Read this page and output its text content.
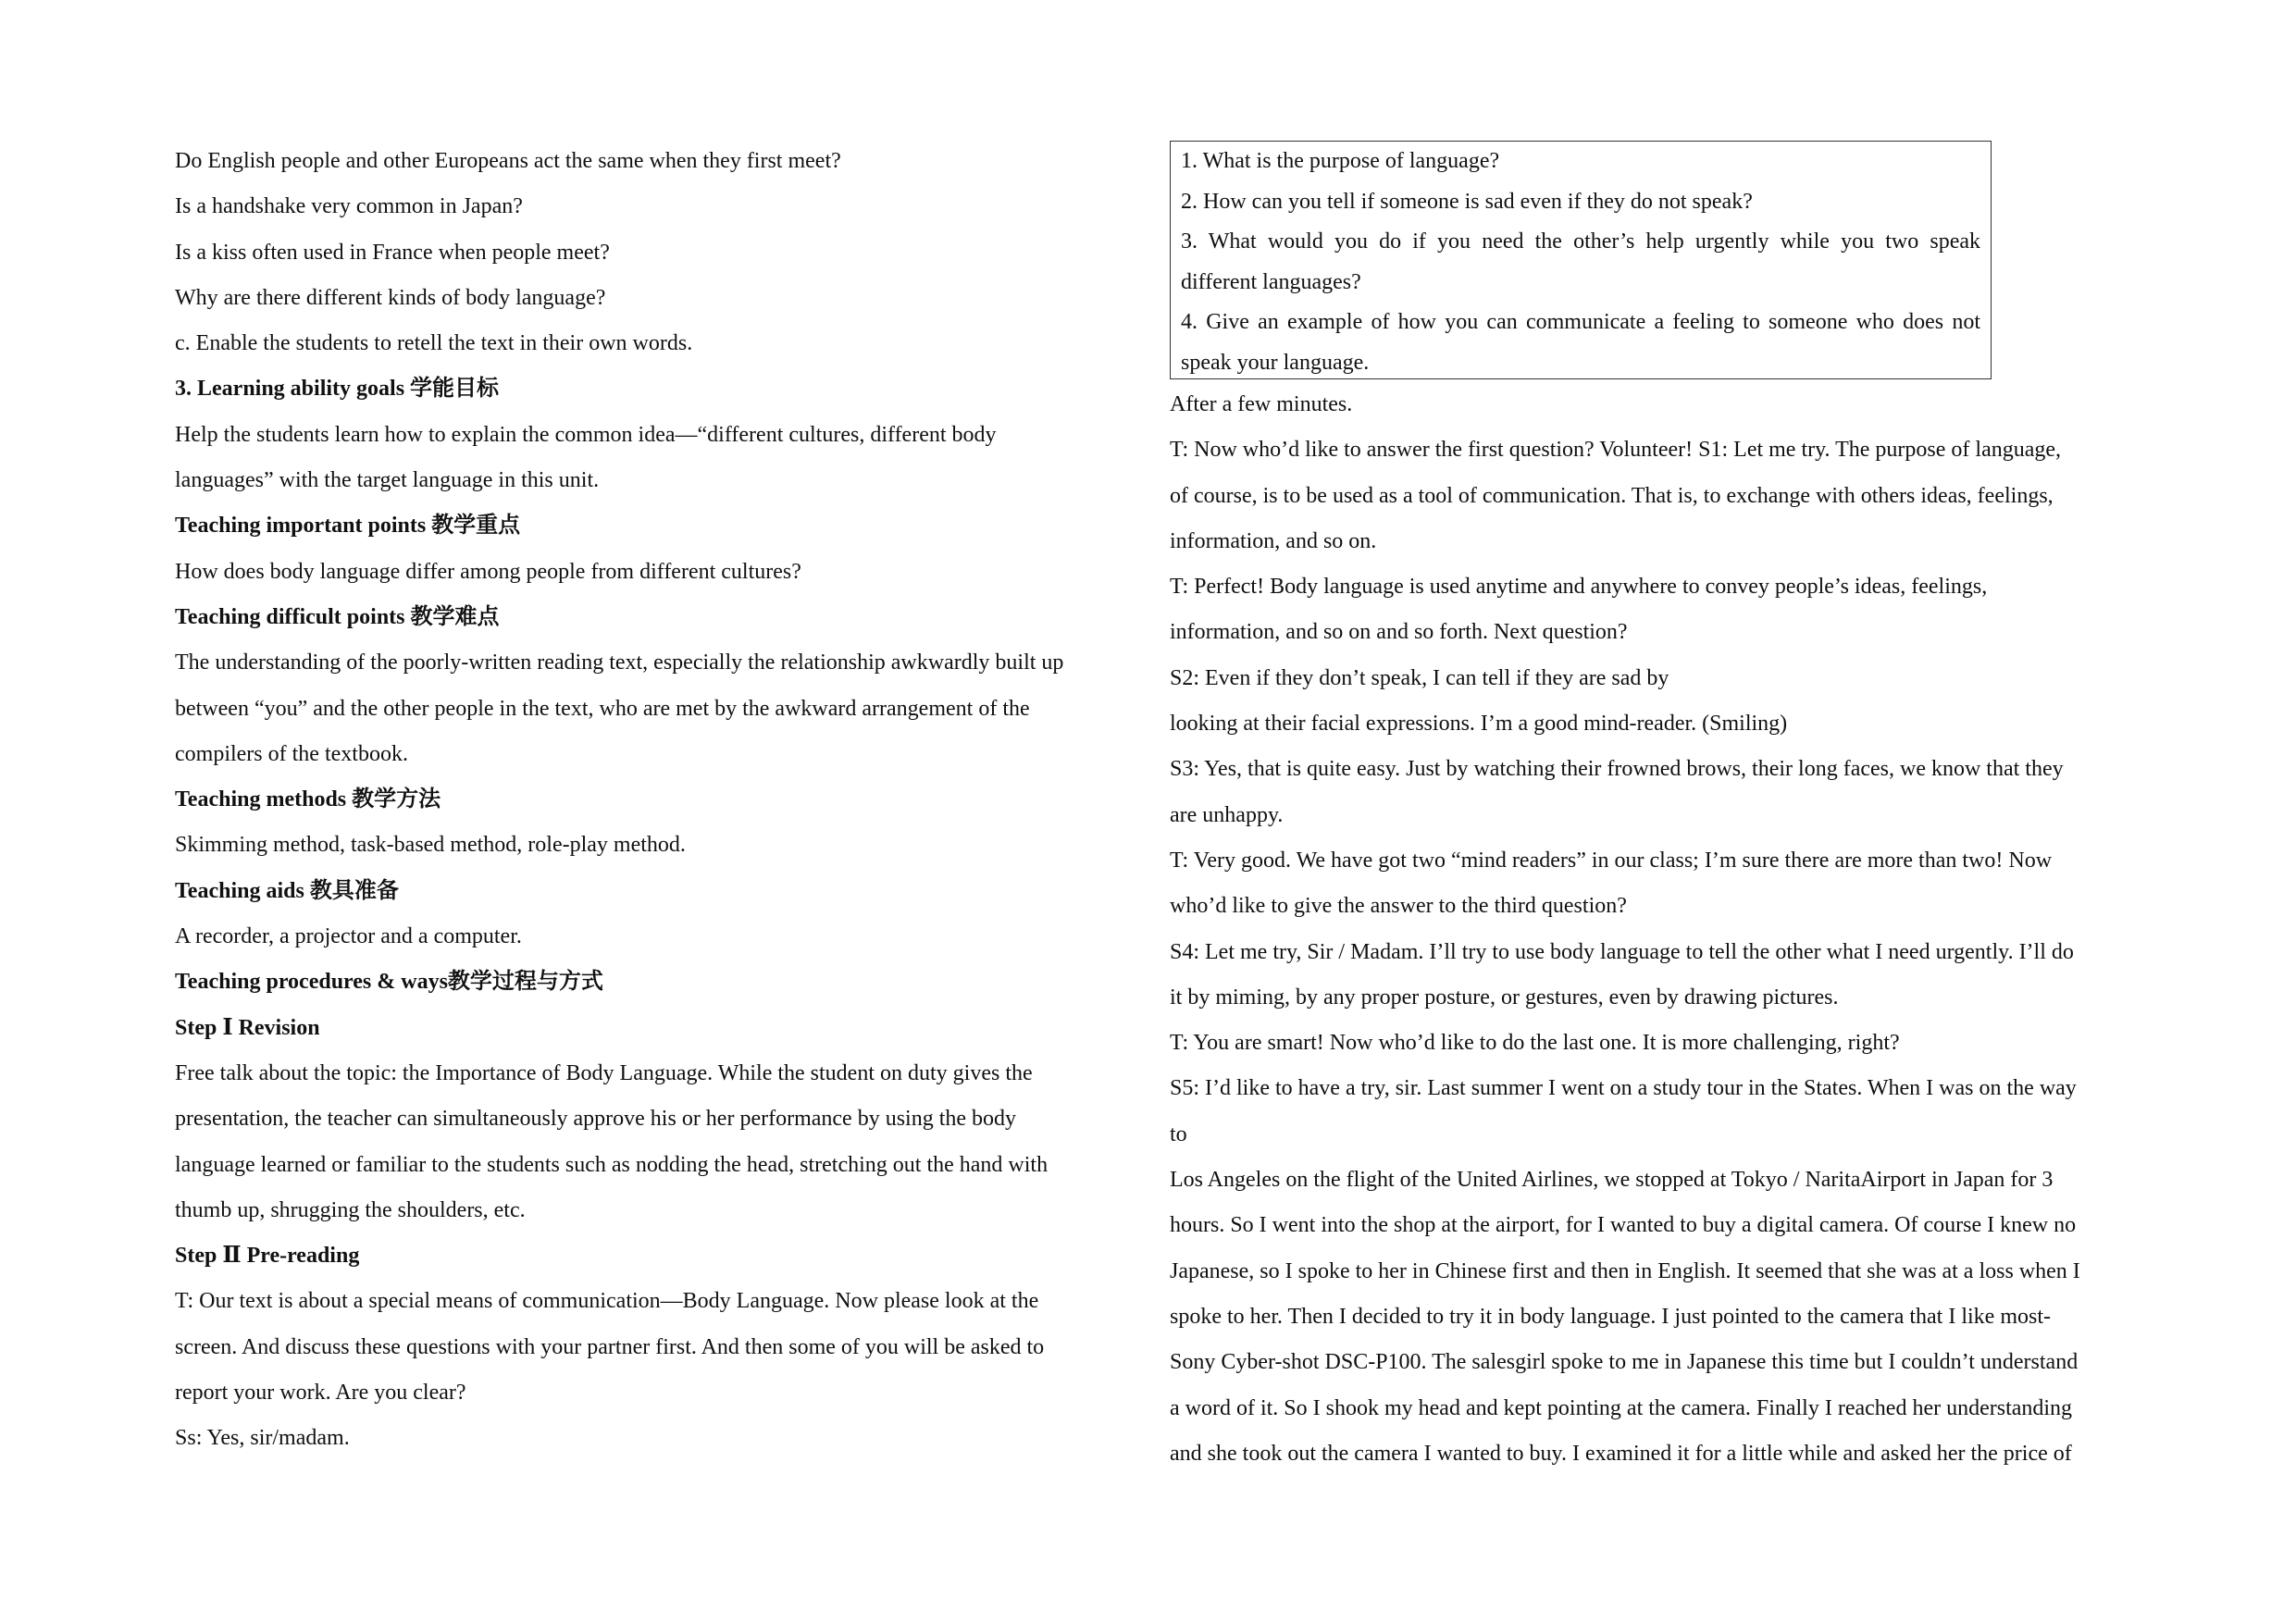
Do English people and other Europeans act the same when they first meet?

Is a handshake very common in Japan?

Is a kiss often used in France when people meet?

Why are there different kinds of body language?

c. Enable the students to retell the text in their own words.

3. Learning ability goals 学能目标

Help the students learn how to explain the common idea—“different cultures, different body

languages” with the target language in this unit.

Teaching important points 教学重点

How does body language differ among people from different cultures?

Teaching difficult points 教学难点

The understanding of the poorly-written reading text, especially the relationship awkwardly built up

between “you” and the other people in the text, who are met by the awkward arrangement of the

compilers of the textbook.

Teaching methods 教学方法

Skimming method, task-based method, role-play method.

Teaching aids 教具准备

A recorder, a projector and a computer.

Teaching procedures & ways教学过程与方式

Step Ⅰ Revision

Free talk about the topic: the Importance of Body Language. While the student on duty gives the

presentation, the teacher can simultaneously approve his or her performance by using the body

language learned or familiar to the students such as nodding the head, stretching out the hand with

thumb up, shrugging the shoulders, etc.

Step Ⅱ Pre-reading

T: Our text is about a special means of communication—Body Language. Now please look at the

screen. And discuss these questions with your partner first. And then some of you will be asked to

report your work. Are you clear?

Ss: Yes, sir/madam.

1. What is the purpose of language?

2. How can you tell if someone is sad even if they do not speak?

3. What would you do if you need the other’s help urgently while you two speak

different languages?

4. Give an example of how you can communicate a feeling to someone who does not

speak your language.

After a few minutes.

T: Now who’d like to answer the first question? Volunteer! S1: Let me try. The purpose of language,

of course, is to be used as a tool of communication. That is, to exchange with others ideas, feelings,

information, and so on.

T: Perfect! Body language is used anytime and anywhere to convey people’s ideas, feelings,

information, and so on and so forth. Next question?

S2: Even if they don’t speak, I can tell if they are sad by

looking at their facial expressions. I’m a good mind-reader. (Smiling)

S3: Yes, that is quite easy. Just by watching their frowned brows, their long faces, we know that they

are unhappy.

T: Very good. We have got two “mind readers” in our class; I’m sure there are more than two! Now

who’d like to give the answer to the third question?

S4: Let me try, Sir / Madam. I’ll try to use body language to tell the other what I need urgently. I’ll do

it by miming, by any proper posture, or gestures, even by drawing pictures.

T: You are smart! Now who’d like to do the last one. It is more challenging, right?

S5: I’d like to have a try, sir. Last summer I went on a study tour in the States. When I was on the way

to

Los Angeles on the flight of the United Airlines, we stopped at Tokyo / NaritaAirport in Japan for 3

hours. So I went into the shop at the airport, for I wanted to buy a digital camera. Of course I knew no

Japanese, so I spoke to her in Chinese first and then in English. It seemed that she was at a loss when I

spoke to her. Then I decided to try it in body language. I just pointed to the camera that I like most-

Sony Cyber-shot DSC-P100. The salesgirl spoke to me in Japanese this time but I couldn’t understand

a word of it. So I shook my head and kept pointing at the camera. Finally I reached her understanding

and she took out the camera I wanted to buy. I examined it for a little while and asked her the price of
